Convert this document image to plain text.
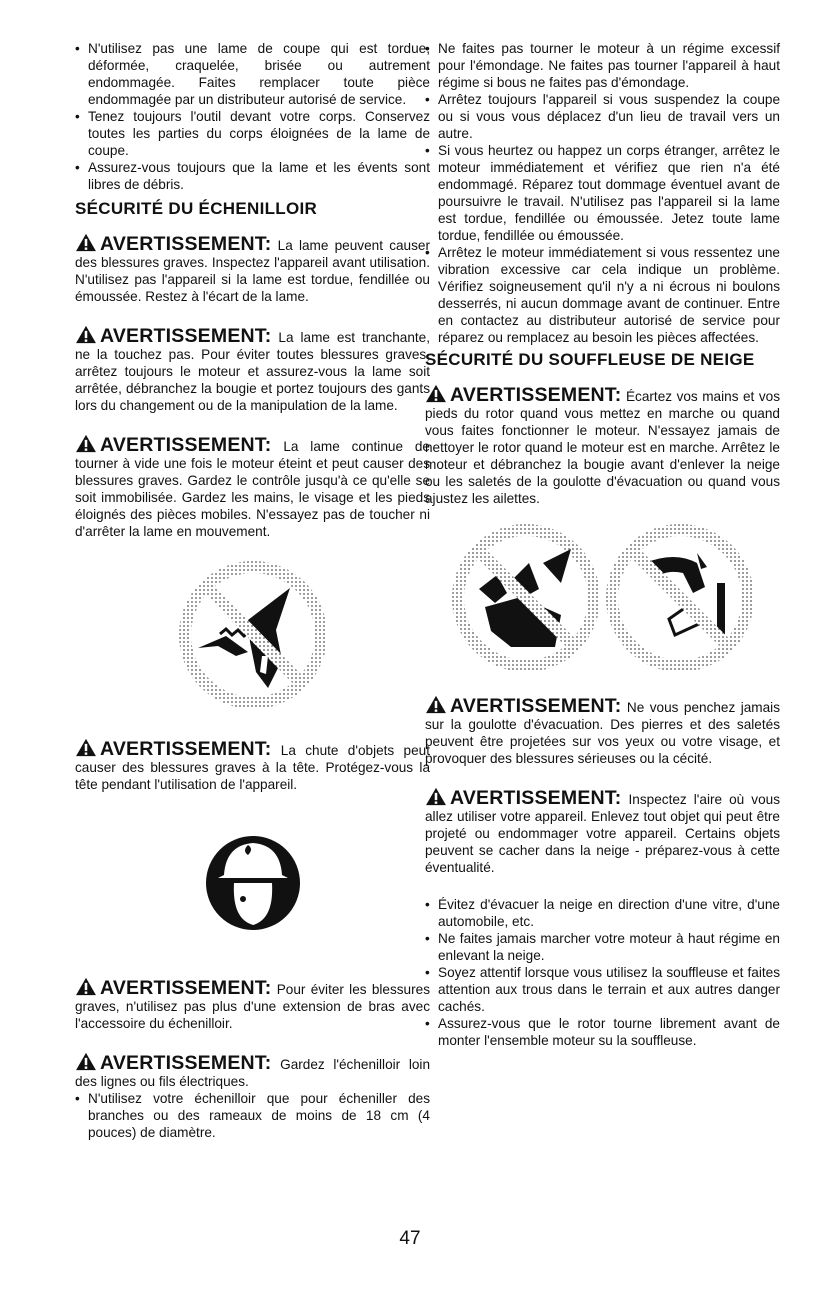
• N'utilisez pas une lame de coupe qui est tordue, déformée, craquelée, brisée ou autrement endommagée. Faites remplacer toute pièce endommagée par un distributeur autorisé de service.
• Tenez toujours l'outil devant votre corps. Conservez toutes les parties du corps éloignées de la lame de coupe.
• Assurez-vous toujours que la lame et les évents sont libres de débris.
SÉCURITÉ DU ÉCHENILLOIR

AVERTISSEMENT: La lame peuvent causer des blessures graves. Inspectez l'appareil avant utilisation. N'utilisez pas l'appareil si la lame est tordue, fendillée ou émoussée. Restez à l'écart de la lame.

AVERTISSEMENT: La lame est tranchante, ne la touchez pas. Pour éviter toutes blessures graves, arrêtez toujours le moteur et assurez-vous la lame soit arrêtée, débranchez la bougie et portez toujours des gants lors du changement ou de la manipulation de la lame.

AVERTISSEMENT: La lame continue de tourner à vide une fois le moteur éteint et peut causer des blessures graves. Gardez le contrôle jusqu'à ce qu'elle se soit immobilisée. Gardez les mains, le visage et les pieds éloignés des pièces mobiles. N'essayez pas de toucher ni d'arrêter la lame en mouvement.

AVERTISSEMENT: La chute d'objets peut causer des blessures graves à la tête. Protégez-vous la tête pendant l'utilisation de l'appareil.

AVERTISSEMENT: Pour éviter les blessures graves, n'utilisez pas plus d'une extension de bras avec l'accessoire du échenilloir.

AVERTISSEMENT: Gardez l'échenilloir loin des lignes ou fils électriques.

• N'utilisez votre échenilloir que pour écheniller des branches ou des rameaux de moins de 18 cm (4 pouces) de diamètre.
• Ne faites pas tourner le moteur à un régime excessif pour l'émondage. Ne faites pas tourner l'appareil à haut régime si bous ne faites pas d'émondage.
• Arrêtez toujours l'appareil si vous suspendez la coupe ou si vous vous déplacez d'un lieu de travail vers un autre.
• Si vous heurtez ou happez un corps étranger, arrêtez le moteur immédiatement et vérifiez que rien n'a été endommagé. Réparez tout dommage éventuel avant de poursuivre le travail. N'utilisez pas l'appareil si la lame est tordue, fendillée ou émoussée. Jetez toute lame tordue, fendillée ou émoussée.
• Arrêtez le moteur immédiatement si vous ressentez une vibration excessive car cela indique un problème. Vérifiez soigneusement qu'il n'y a ni écrous ni boulons desserrés, ni aucun dommage avant de continuer. Entre en contactez au distributeur autorisé de service pour réparez ou remplacez au besoin les pièces affectées.
SÉCURITÉ DU SOUFFLEUSE DE NEIGE

AVERTISSEMENT: Écartez vos mains et vos pieds du rotor quand vous mettez en marche ou quand vous faites fonctionner le moteur. N'essayez jamais de nettoyer le rotor quand le moteur est en marche. Arrêtez le moteur et débranchez la bougie avant d'enlever la neige ou les saletés de la goulotte d'évacuation ou quand vous ajustez les ailettes.

AVERTISSEMENT: Ne vous penchez jamais sur la goulotte d'évacuation. Des pierres et des saletés peuvent être projetées sur vos yeux ou votre visage, et provoquer des blessures sérieuses ou la cécité.

AVERTISSEMENT: Inspectez l'aire où vous allez utiliser votre appareil. Enlevez tout objet qui peut être projeté ou endommager votre appareil. Certains objets peuvent se cacher dans la neige - préparez-vous à cette éventualité.

• Évitez d'évacuer la neige en direction d'une vitre, d'une automobile, etc.
• Ne faites jamais marcher votre moteur à haut régime en enlevant la neige.
• Soyez attentif lorsque vous utilisez la souffleuse et faites attention aux trous dans le terrain et aux autres danger cachés.
• Assurez-vous que le rotor tourne librement avant de monter l'ensemble moteur su la souffleuse.
47
